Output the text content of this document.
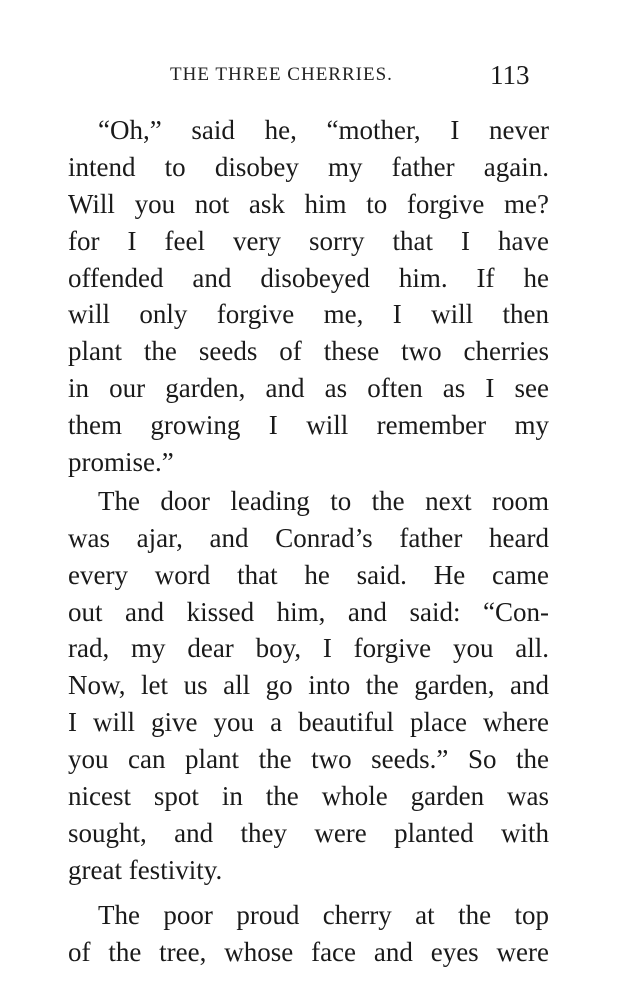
THE THREE CHERRIES.	113
“Oh,” said he, “mother, I never
intend to disobey my father again.
Will you not ask him to forgive me?
for I feel very sorry that I have
offended and disobeyed him. If he
will only forgive me, I will then
plant the seeds of these two cherries
in our garden, and as often as I see
them growing I will remember my
promise.”
The door leading to the next room
was ajar, and Conrad’s father heard
every word that he said. He came
out and kissed him, and said: “Con-
rad, my dear boy, I forgive you all.
Now, let us all go into the garden, and
I will give you a beautiful place where
you can plant the two seeds.” So the
nicest spot in the whole garden was
sought, and they were planted with
great festivity.
The poor proud cherry at the top
of the tree, whose face and eyes were
